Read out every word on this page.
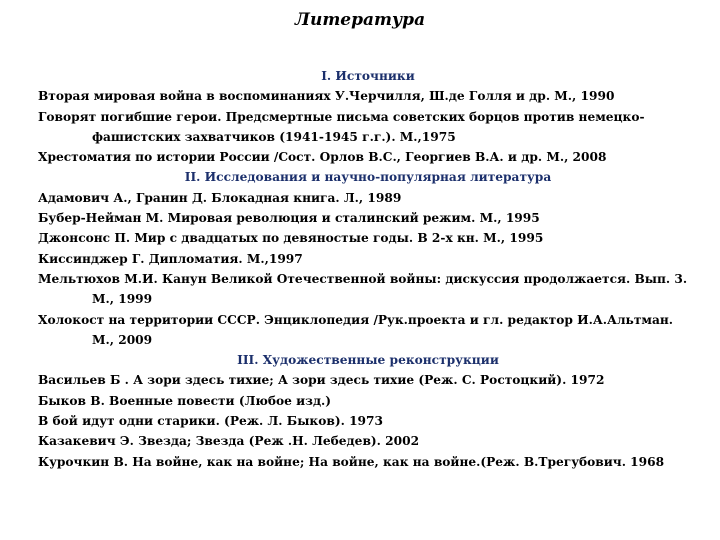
Литература
I. Источники
Вторая мировая война в воспоминаниях У.Черчилля, Ш.де Голля и др. М., 1990
Говорят погибшие герои. Предсмертные письма советских борцов против немецко-фашистских захватчиков (1941-1945 г.г.). М.,1975
Хрестоматия по истории России /Сост. Орлов В.С., Георгиев В.А. и др. М., 2008
II. Исследования и научно-популярная литература
Адамович А., Гранин Д. Блокадная книга. Л., 1989
Бубер-Нейман М. Мировая революция и сталинский режим. М., 1995
Джонсонс П. Мир с двадцатых по девяностые годы. В 2-х кн. М., 1995
Киссинджер Г. Дипломатия. М.,1997
Мельтюхов М.И. Канун Великой Отечественной войны: дискуссия продолжается. Вып. 3. М., 1999
Холокост на территории СССР. Энциклопедия /Рук.проекта и гл. редактор И.А.Альтман. М., 2009
III. Художественные реконструкции
Васильев Б . А зори здесь тихие; А зори здесь тихие (Реж. С. Ростоцкий). 1972
Быков В. Военные повести (Любое изд.)
В бой идут одни старики. (Реж. Л. Быков). 1973
Казакевич Э. Звезда; Звезда (Реж .Н. Лебедев). 2002
Курочкин В. На войне, как на войне; На войне, как на войне.(Реж. В.Трегубович. 1968
